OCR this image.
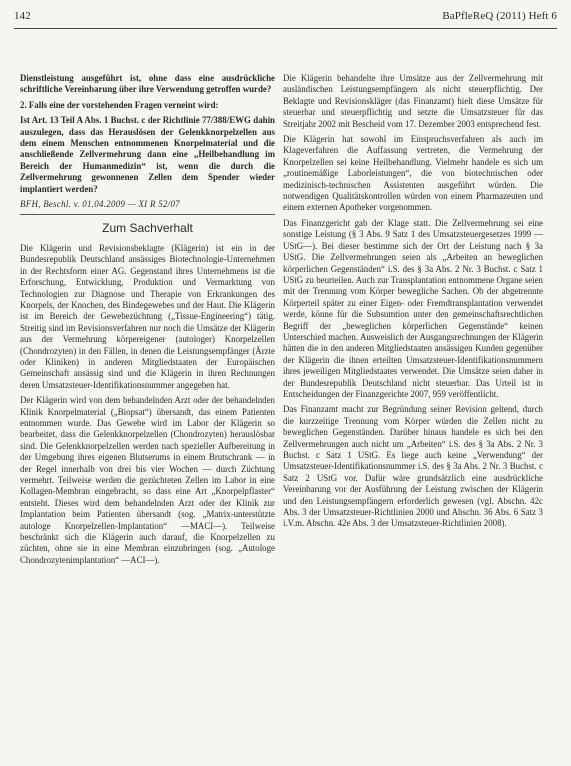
142	BaPfleReQ (2011) Heft 6

Dienstleistung ausgeführt ist, ohne dass eine ausdrückliche schriftliche Vereinbarung über ihre Verwendung getroffen wurde?

2. Falls eine der vorstehenden Fragen verneint wird:

Ist Art. 13 Teil A Abs. 1 Buchst. c der Richtlinie 77/388/EWG dahin auszulegen, dass das Herauslösen der Gelenkknorpelzellen aus dem einem Menschen entnommenen Knorpelmaterial und die anschließende Zellvermehrung dann eine „Heilbehandlung im Bereich der Humanmedizin“ ist, wenn die durch die Zellvermehrung gewonnenen Zellen dem Spender wieder implantiert werden?

BFH, Beschl. v. 01.04.2009 — XI R 52/07

Zum Sachverhalt

Die Klägerin und Revisionsbeklagte (Klägerin) ist ein in der Bundesrepublik Deutschland ansässiges Biotechnologie-Unternehmen in der Rechtsform einer AG. Gegenstand ihres Unternehmens ist die Erforschung, Entwicklung, Produktion und Vermarktung von Technologien zur Diagnose und Therapie von Erkrankungen des Knorpels, der Knochen, des Bindegewebes und der Haut. Die Klägerin ist im Bereich der Gewebezüchtung („Tissue-Engineering“) tätig. Streitig sind im Revisionsverfahren nur noch die Umsätze der Klägerin aus der Vermehrung körpereigener (autologer) Knorpelzellen (Chondrozyten) in den Fällen, in denen die Leistungsempfänger (Ärzte oder Kliniken) in anderen Mitgliedstaaten der Europäischen Gemeinschaft ansässig sind und die Klägerin in ihren Rechnungen deren Umsatzsteuer-Identifikationsnummer angegeben hat.

Der Klägerin wird von dem behandelnden Arzt oder der behandelnden Klinik Knorpelmaterial („Biopsat“) übersandt, das einem Patienten entnommen wurde. Das Gewebe wird im Labor der Klägerin so bearbeitet, dass die Gelenkknorpelzellen (Chondrozyten) herauslösbar sind. Die Gelenkknorpelzellen werden nach spezieller Aufbereitung in der Umgebung ihres eigenen Blutserums in einem Brutschrank — in der Regel innerhalb von drei bis vier Wochen — durch Züchtung vermehrt. Teilweise werden die gezüchteten Zellen im Labor in eine Kollagen-Membran eingebracht, so dass eine Art „Knorpelpflaster“ entsteht. Dieses wird dem behandelnden Arzt oder der Klinik zur Implantation beim Patienten übersandt (sog. „Matrix-unterstützte autologe Knorpelzellen-Implantation“ —MACI—). Teilweise beschränkt sich die Klägerin auch darauf, die Knorpelzellen zu züchten, ohne sie in eine Membran einzubringen (sog. „Autologe Chondrozytenimplantation“ —ACI—).

Die Klägerin behandelte ihre Umsätze aus der Zellvermehrung mit ausländischen Leistungsempfängern als nicht steuerpflichtig. Der Beklagte und Revisionskläger (das Finanzamt) hielt diese Umsätze für steuerbar und steuerpflichtig und setzte die Umsatzsteuer für das Streitjahr 2002 mit Bescheid vom 17. Dezember 2003 entsprechend fest.

Die Klägerin hat sowohl im Einspruchsverfahren als auch im Klageverfahren die Auffassung vertreten, die Vermehrung der Knorpelzellen sei keine Heilbehandlung. Vielmehr handele es sich um „routinemäßige Laborleistungen“, die von biotechnischen oder medizinisch-technischen Assistenten ausgeführt würden. Die notwendigen Qualitätskontrollen würden von einem Pharmazeuten und einem externen Apotheker vorgenommen.

Das Finanzgericht gab der Klage statt. Die Zellvermehrung sei eine sonstige Leistung (§ 3 Abs. 9 Satz 1 des Umsatzsteuergesetzes 1999 —UStG—). Bei dieser bestimme sich der Ort der Leistung nach § 3a UStG. Die Zellvermehrungen seien als „Arbeiten an beweglichen körperlichen Gegenständen“ i.S. des § 3a Abs. 2 Nr. 3 Buchst. c Satz 1 UStG zu beurteilen. Auch zur Transplantation entnommene Organe seien mit der Trennung vom Körper bewegliche Sachen. Ob der abgetrennte Körperteil später zu einer Eigen- oder Fremdtransplantation verwendet werde, könne für die Subsumtion unter den gemeinschaftsrechtlichen Begriff der „beweglichen körperlichen Gegenstände“ keinen Unterschied machen. Ausweislich der Ausgangsrechnungen der Klägerin hätten die in den anderen Mitgliedstaaten ansässigen Kunden gegenüber der Klägerin die ihnen erteilten Umsatzsteuer-Identifikationsnummern ihres jeweiligen Mitgliedstaates verwendet. Die Umsätze seien daher in der Bundesrepublik Deutschland nicht steuerbar. Das Urteil ist in Entscheidungen der Finanzgerichte 2007, 959 veröffentlicht.

Das Finanzamt macht zur Begründung seiner Revision geltend, durch die kurzzeitige Trennung vom Körper würden die Zellen nicht zu beweglichen Gegenständen. Darüber hinaus handele es sich bei den Zellvermehrungen auch nicht um „Arbeiten“ i.S. des § 3a Abs. 2 Nr. 3 Buchst. c Satz 1 UStG. Es liege auch keine „Verwendung“ der Umsatzsteuer-Identifikationsnummer i.S. des § 3a Abs. 2 Nr. 3 Buchst. c Satz 2 UStG vor. Dafür wäre grundsätzlich eine ausdrückliche Vereinbarung vor der Ausführung der Leistung zwischen der Klägerin und den Leistungsempfängern erforderlich gewesen (vgl. Abschn. 42c Abs. 3 der Umsatzsteuer-Richtlinien 2000 und Abschn. 36 Abs. 6 Satz 3 i.V.m. Abschn. 42e Abs. 3 der Umsatzsteuer-Richtlinien 2008).
